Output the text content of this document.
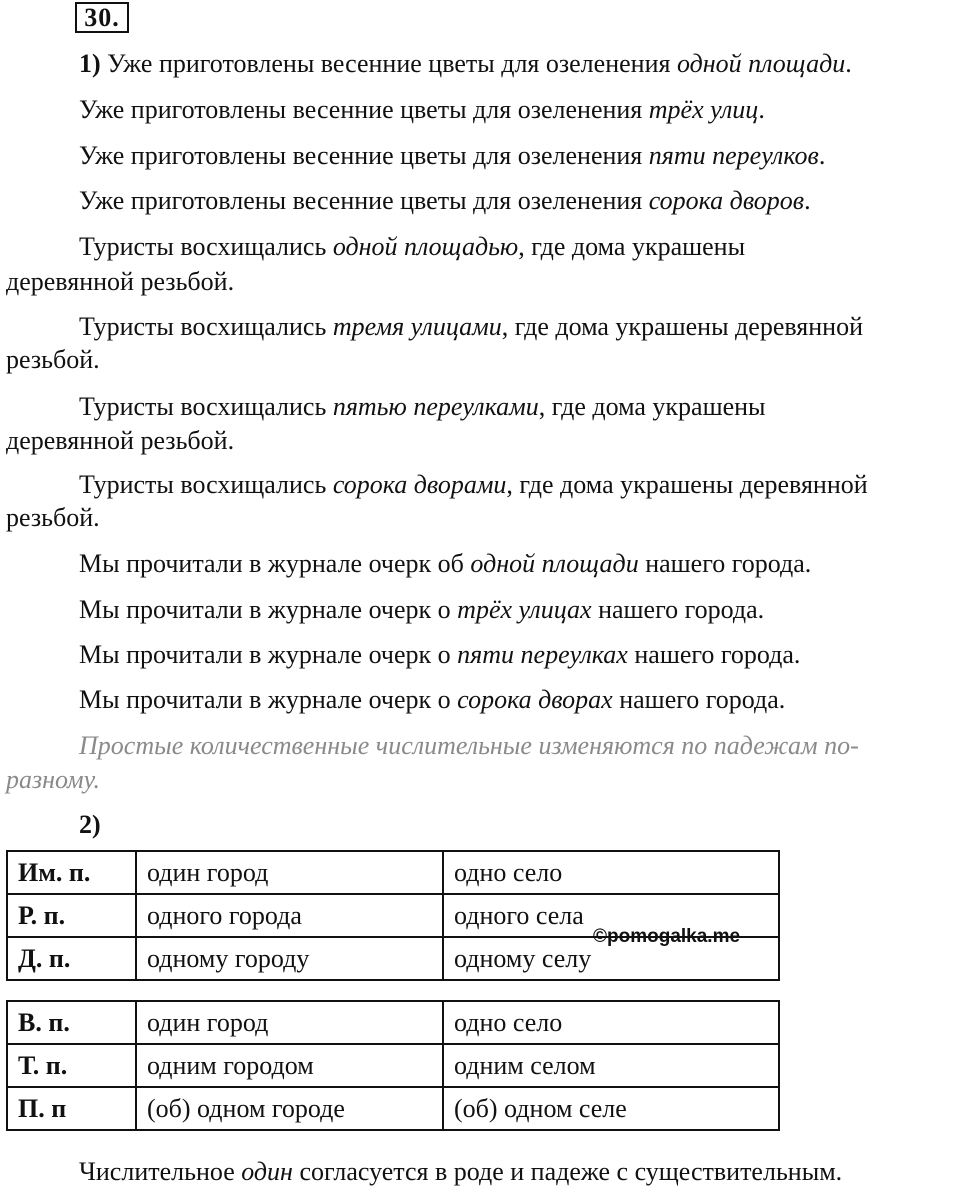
30.
1) Уже приготовлены весенние цветы для озеленения одной площади.
Уже приготовлены весенние цветы для озеленения трёх улиц.
Уже приготовлены весенние цветы для озеленения пяти переулков.
Уже приготовлены весенние цветы для озеленения сорока дворов.
Туристы восхищались одной площадью, где дома украшены
деревянной резьбой.
Туристы восхищались тремя улицами, где дома украшены деревянной
резьбой.
Туристы восхищались пятью переулками, где дома украшены
деревянной резьбой.
Туристы восхищались сорока дворами, где дома украшены деревянной
резьбой.
Мы прочитали в журнале очерк об одной площади нашего города.
Мы прочитали в журнале очерк о трёх улицах нашего города.
Мы прочитали в журнале очерк о пяти переулках нашего города.
Мы прочитали в журнале очерк о сорока дворах нашего города.
Простые количественные числительные изменяются по падежам по-
разному.
2)
Им. п.	один город	одно село
Р. п.	одного города	одного села
Д. п.	одному городу	одному селу
В. п.	один город	одно село
Т. п.	одним городом	одним селом
П. п	(об) одном городе	(об) одном селе
©pomogalka.me
Числительное один согласуется в роде и падеже с существительным.
